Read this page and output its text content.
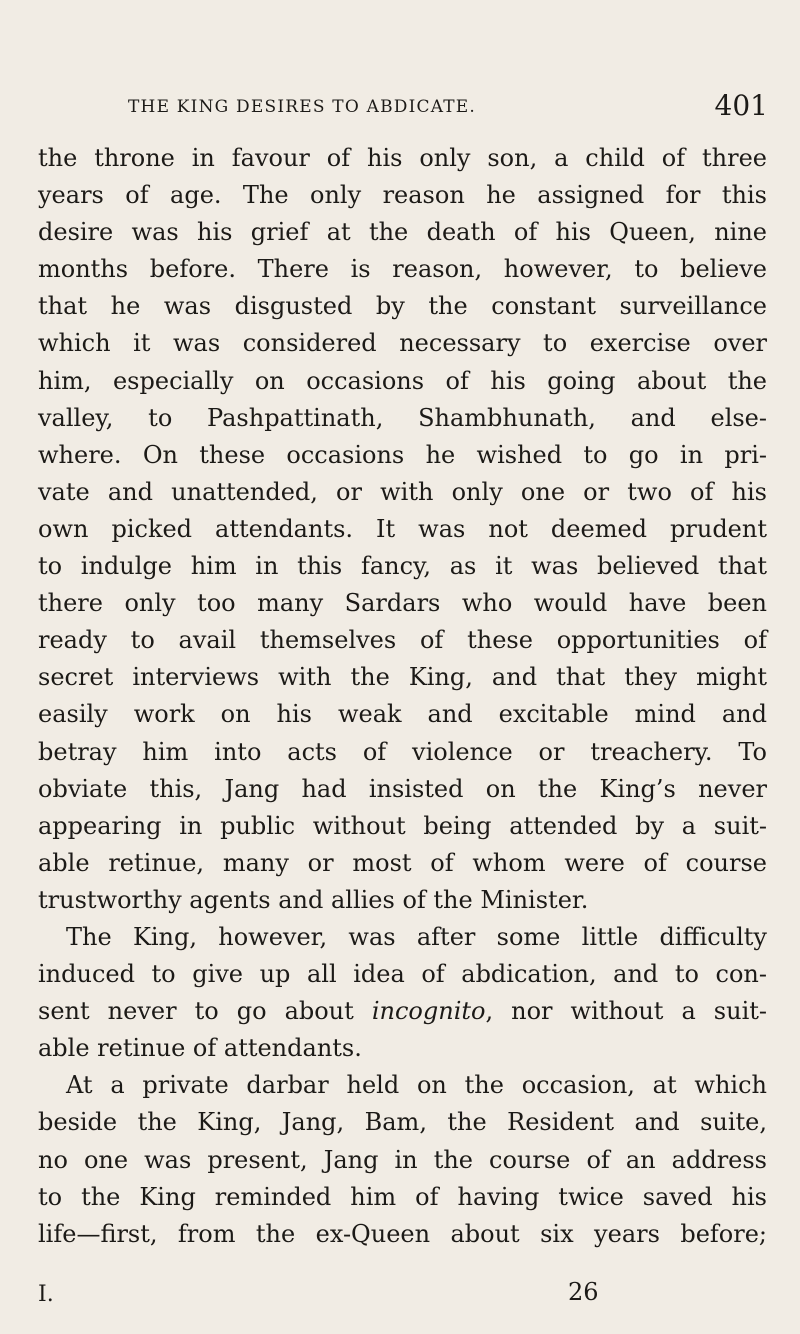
THE KING DESIRES TO ABDICATE.	401
the throne in favour of his only son, a child of three
years of age. The only reason he assigned for this
desire was his grief at the death of his Queen, nine
months before. There is reason, however, to believe
that he was disgusted by the constant surveillance
which it was considered necessary to exercise over
him, especially on occasions of his going about the
valley, to Pashpattinath, Shambhunath, and else-
where. On these occasions he wished to go in pri-
vate and unattended, or with only one or two of his
own picked attendants. It was not deemed prudent
to indulge him in this fancy, as it was believed that
there only too many Sardars who would have been
ready to avail themselves of these opportunities of
secret interviews with the King, and that they might
easily work on his weak and excitable mind and
betray him into acts of violence or treachery. To
obviate this, Jang had insisted on the King’s never
appearing in public without being attended by a suit-
able retinue, many or most of whom were of course
trustworthy agents and allies of the Minister.
The King, however, was after some little difficulty
induced to give up all idea of abdication, and to con-
sent never to go about incognito, nor without a suit-
able retinue of attendants.
At a private darbar held on the occasion, at which
beside the King, Jang, Bam, the Resident and suite,
no one was present, Jang in the course of an address
to the King reminded him of having twice saved his
life—first, from the ex-Queen about six years before;
I.	26
